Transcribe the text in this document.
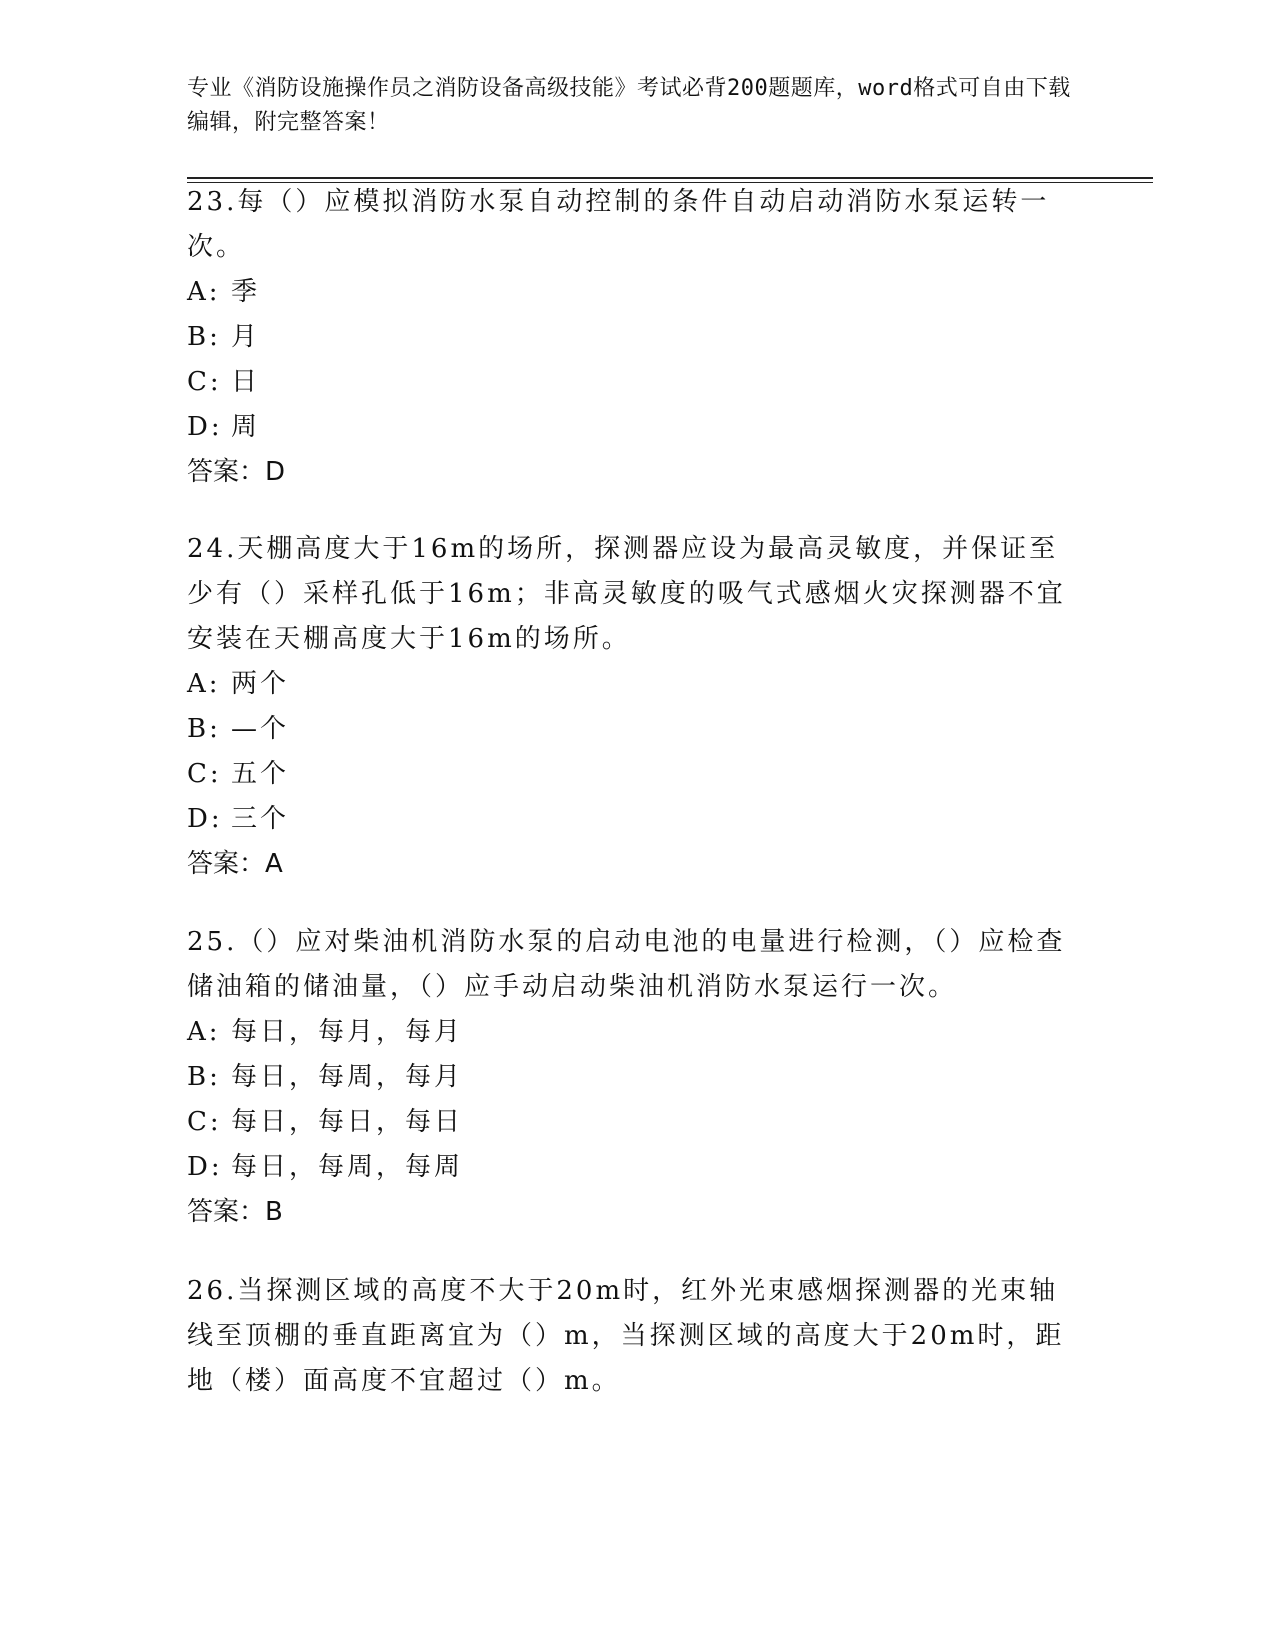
专业《消防设施操作员之消防设备高级技能》考试必背200题题库，word格式可自由下载编辑，附完整答案！

23.每（）应模拟消防水泵自动控制的条件自动启动消防水泵运转一次。

A: 季

B: 月

C: 日

D: 周

答案：D

24.天棚高度大于16m的场所，探测器应设为最高灵敏度，并保证至少有（）采样孔低于16m；非高灵敏度的吸气式感烟火灾探测器不宜安装在天棚高度大于16m的场所。

A: 两个

B: —个

C: 五个

D: 三个

答案：A

25.（）应对柴油机消防水泵的启动电池的电量进行检测，（）应检查储油箱的储油量，（）应手动启动柴油机消防水泵运行一次。

A: 每日，每月，每月

B: 每日，每周，每月

C: 每日，每日，每日

D: 每日，每周，每周

答案：B

26.当探测区域的高度不大于20m时，红外光束感烟探测器的光束轴线至顶棚的垂直距离宜为（）m，当探测区域的高度大于20m时，距地（楼）面高度不宜超过（）m。
